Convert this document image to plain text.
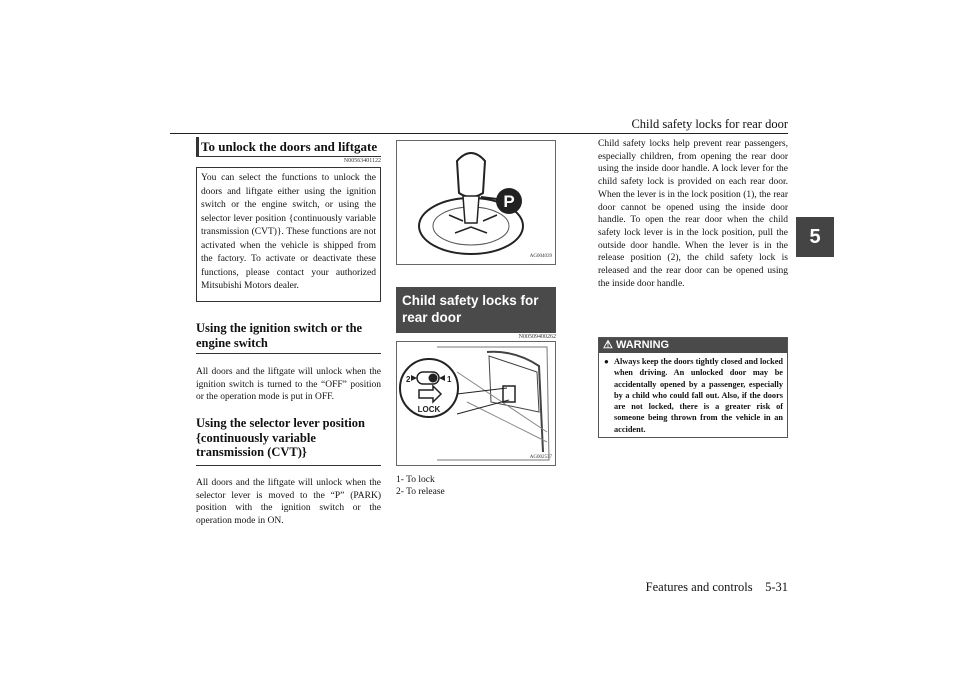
Child safety locks for rear door
Features and controls    5-31
5
To unlock the doors and liftgate
N00563401122
You can select the functions to unlock the doors and liftgate either using the ignition switch or the engine switch, or using the selector lever position {continuously variable transmission (CVT)}. These functions are not activated when the vehicle is shipped from the factory. To activate or deactivate these functions, please contact your authorized Mitsubishi Motors dealer.
Using the ignition switch or the engine switch
All doors and the liftgate will unlock when the ignition switch is turned to the “OFF” position or the operation mode is put in OFF.
Using the selector lever position {continuously variable transmission (CVT)}
All doors and the liftgate will unlock when the selector lever is moved to the “P” (PARK) position with the ignition switch or the operation mode in ON.
P
AG004039
Child safety locks for rear door
N00509400262
2	1
LOCK
AG002537
1- To lock
2- To release
Child safety locks help prevent rear passengers, especially children, from opening the rear door using the inside door handle. A lock lever for the child safety lock is provided on each rear door. When the lever is in the lock position (1), the rear door cannot be opened using the inside door handle. To open the rear door when the child safety lock lever is in the lock position, pull the outside door handle. When the lever is in the release position (2), the child safety lock is released and the rear door can be opened using the inside door handle.
⚠ WARNING
● Always keep the doors tightly closed and locked when driving. An unlocked door may be accidentally opened by a passenger, especially by a child who could fall out. Also, if the doors are not locked, there is a greater risk of someone being thrown from the vehicle in an accident.
